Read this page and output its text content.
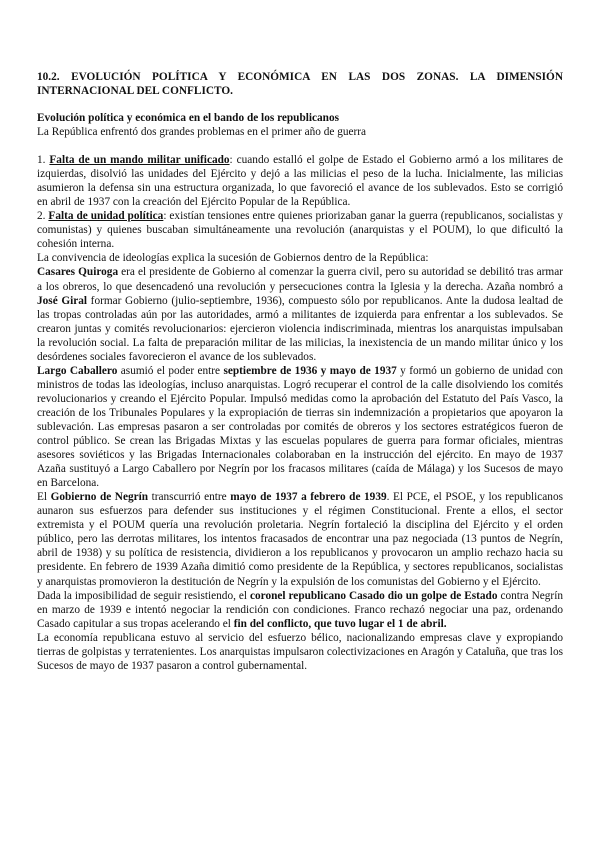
10.2. EVOLUCIÓN POLÍTICA Y ECONÓMICA EN LAS DOS ZONAS. LA DIMENSIÓN INTERNACIONAL DEL CONFLICTO.

Evolución política y económica en el bando de los republicanos

La República enfrentó dos grandes problemas en el primer año de guerra

1. Falta de un mando militar unificado: cuando estalló el golpe de Estado el Gobierno armó a los militares de izquierdas, disolvió las unidades del Ejército y dejó a las milicias el peso de la lucha. Inicialmente, las milicias asumieron la defensa sin una estructura organizada, lo que favoreció el avance de los sublevados. Esto se corrigió en abril de 1937 con la creación del Ejército Popular de la República.

2. Falta de unidad política: existían tensiones entre quienes priorizaban ganar la guerra (republicanos, socialistas y comunistas) y quienes buscaban simultáneamente una revolución (anarquistas y el POUM), lo que dificultó la cohesión interna.

La convivencia de ideologías explica la sucesión de Gobiernos dentro de la República:

Casares Quiroga era el presidente de Gobierno al comenzar la guerra civil, pero su autoridad se debilitó tras armar a los obreros, lo que desencadenó una revolución y persecuciones contra la Iglesia y la derecha. Azaña nombró a José Giral formar Gobierno (julio-septiembre, 1936), compuesto sólo por republicanos. Ante la dudosa lealtad de las tropas controladas aún por las autoridades, armó a militantes de izquierda para enfrentar a los sublevados. Se crearon juntas y comités revolucionarios: ejercieron violencia indiscriminada, mientras los anarquistas impulsaban la revolución social. La falta de preparación militar de las milicias, la inexistencia de un mando militar único y los desórdenes sociales favorecieron el avance de los sublevados.

Largo Caballero asumió el poder entre septiembre de 1936 y mayo de 1937 y formó un gobierno de unidad con ministros de todas las ideologías, incluso anarquistas. Logró recuperar el control de la calle disolviendo los comités revolucionarios y creando el Ejército Popular. Impulsó medidas como la aprobación del Estatuto del País Vasco, la creación de los Tribunales Populares y la expropiación de tierras sin indemnización a propietarios que apoyaron la sublevación. Las empresas pasaron a ser controladas por comités de obreros y los sectores estratégicos fueron de control público. Se crean las Brigadas Mixtas y las escuelas populares de guerra para formar oficiales, mientras asesores soviéticos y las Brigadas Internacionales colaboraban en la instrucción del ejército. En mayo de 1937 Azaña sustituyó a Largo Caballero por Negrín por los fracasos militares (caída de Málaga) y los Sucesos de mayo en Barcelona.

El Gobierno de Negrín transcurrió entre mayo de 1937 a febrero de 1939. El PCE, el PSOE, y los republicanos aunaron sus esfuerzos para defender sus instituciones y el régimen Constitucional. Frente a ellos, el sector extremista y el POUM quería una revolución proletaria. Negrín fortaleció la disciplina del Ejército y el orden público, pero las derrotas militares, los intentos fracasados de encontrar una paz negociada (13 puntos de Negrín, abril de 1938) y su política de resistencia, dividieron a los republicanos y provocaron un amplio rechazo hacia su presidente. En febrero de 1939 Azaña dimitió como presidente de la República, y sectores republicanos, socialistas y anarquistas promovieron la destitución de Negrín y la expulsión de los comunistas del Gobierno y el Ejército.

Dada la imposibilidad de seguir resistiendo, el coronel republicano Casado dio un golpe de Estado contra Negrín en marzo de 1939 e intentó negociar la rendición con condiciones. Franco rechazó negociar una paz, ordenando Casado capitular a sus tropas acelerando el fin del conflicto, que tuvo lugar el 1 de abril.

La economía republicana estuvo al servicio del esfuerzo bélico, nacionalizando empresas clave y expropiando tierras de golpistas y terratenientes. Los anarquistas impulsaron colectivizaciones en Aragón y Cataluña, que tras los Sucesos de mayo de 1937 pasaron a control gubernamental.
